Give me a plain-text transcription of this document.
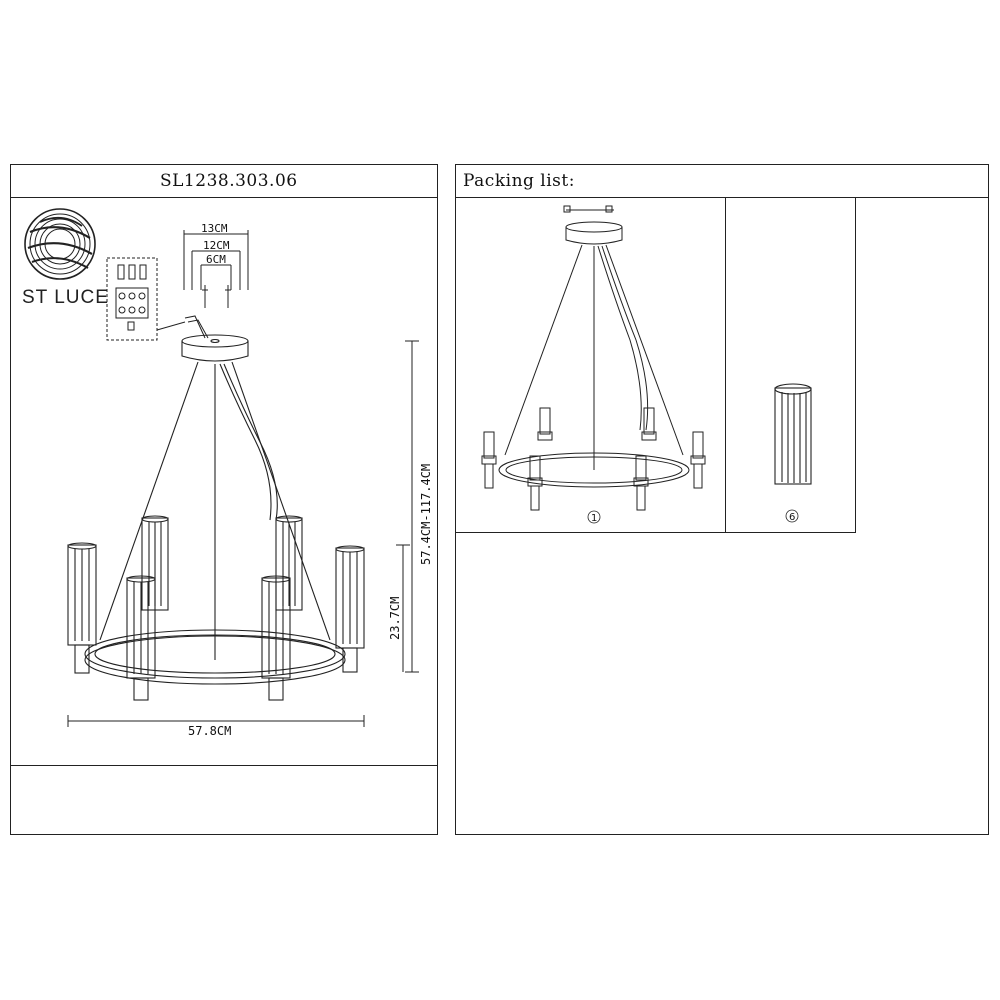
SL1238.303.06	Packing list:
ST LUCE
13CM
12CM
6CM
57.4CM-117.4CM
23.7CM
57.8CM
1	6
